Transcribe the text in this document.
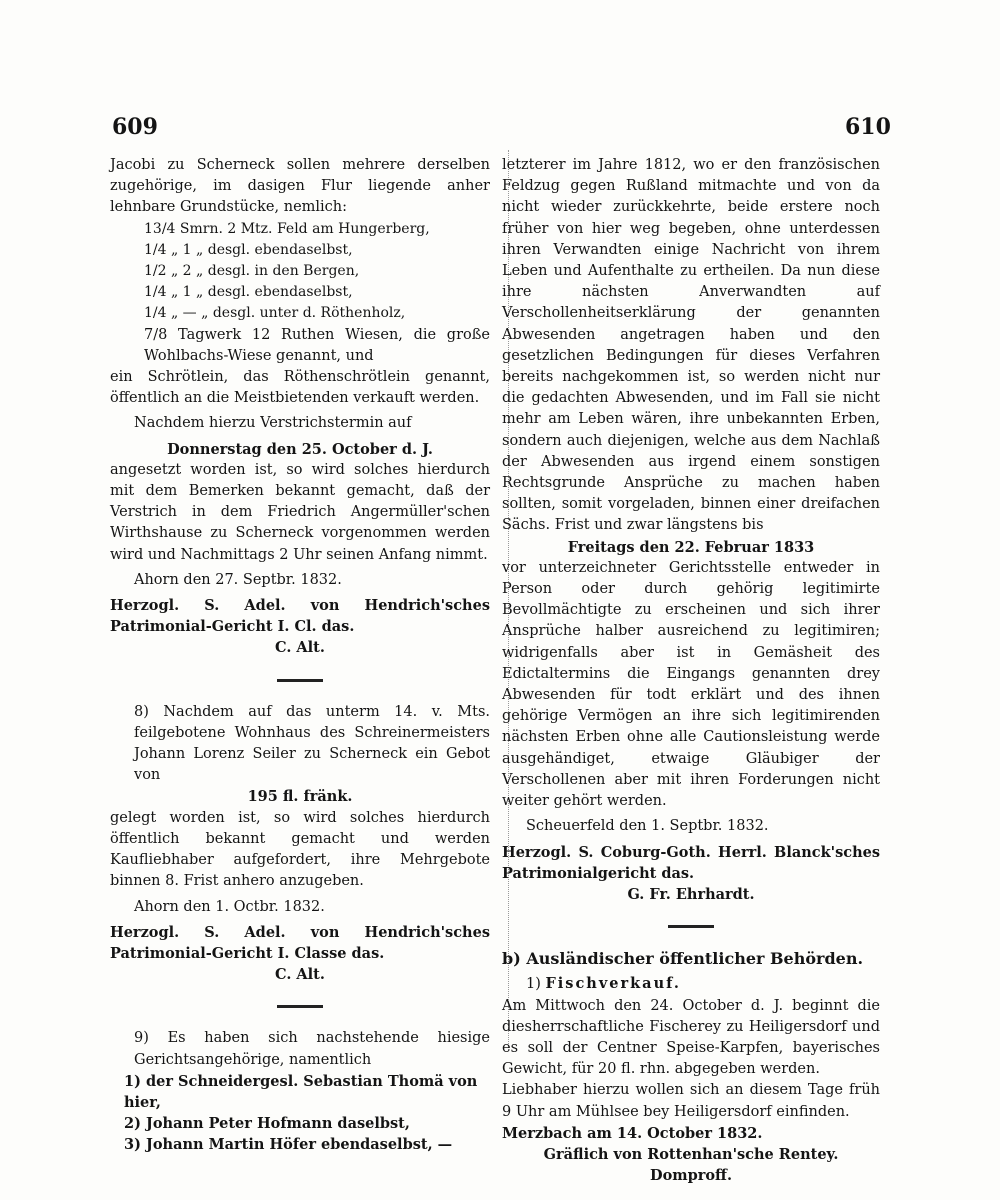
609	610

Jacobi zu Scherneck sollen mehrere derselben zugehörige, im dasigen Flur liegende anher lehnbare Grundstücke, nemlich:

13/4 Smrn. 2 Mtz. Feld am Hungerberg,
1/4 „ 1 „ desgl. ebendaselbst,
1/2 „ 2 „ desgl. in den Bergen,
1/4 „ 1 „ desgl. ebendaselbst,
1/4 „ — „ desgl. unter d. Röthenholz,

7/8 Tagwerk 12 Ruthen Wiesen, die große Wohlbachs-Wiese genannt, und

ein Schrötlein, das Röthenschrötlein genannt, öffentlich an die Meistbietenden verkauft werden.

Nachdem hierzu Verstrichstermin auf

Donnerstag den 25. October d. J.

angesetzt worden ist, so wird solches hierdurch mit dem Bemerken bekannt gemacht, daß der Verstrich in dem Friedrich Angermüller'schen Wirthshause zu Scherneck vorgenommen werden wird und Nachmittags 2 Uhr seinen Anfang nimmt.

Ahorn den 27. Septbr. 1832.

Herzogl. S. Adel. von Hendrich'sches Patrimonial-Gericht I. Cl. das.

C. Alt.

8) Nachdem auf das unterm 14. v. Mts. feilgebotene Wohnhaus des Schreinermeisters Johann Lorenz Seiler zu Scherneck ein Gebot von

195 fl. fränk.

gelegt worden ist, so wird solches hierdurch öffentlich bekannt gemacht und werden Kaufliebhaber aufgefordert, ihre Mehrgebote binnen 8. Frist anhero anzugeben.

Ahorn den 1. Octbr. 1832.

Herzogl. S. Adel. von Hendrich'sches Patrimonial-Gericht I. Classe das.

C. Alt.

9) Es haben sich nachstehende hiesige Gerichtsangehörige, namentlich

1) der Schneidergesl. Sebastian Thomä von hier,
2) Johann Peter Hofmann daselbst,
3) Johann Martin Höfer ebendaselbst, —

letzterer im Jahre 1812, wo er den französischen Feldzug gegen Rußland mitmachte und von da nicht wieder zurückkehrte, beide erstere noch früher von hier weg begeben, ohne unterdessen ihren Verwandten einige Nachricht von ihrem Leben und Aufenthalte zu ertheilen. Da nun diese ihre nächsten Anverwandten auf Verschollenheitserklärung der genannten Abwesenden angetragen haben und den gesetzlichen Bedingungen für dieses Verfahren bereits nachgekommen ist, so werden nicht nur die gedachten Abwesenden, und im Fall sie nicht mehr am Leben wären, ihre unbekannten Erben, sondern auch diejenigen, welche aus dem Nachlaß der Abwesenden aus irgend einem sonstigen Rechtsgrunde Ansprüche zu machen haben sollten, somit vorgeladen, binnen einer dreifachen Sächs. Frist und zwar längstens bis

Freitags den 22. Februar 1833

vor unterzeichneter Gerichtsstelle entweder in Person oder durch gehörig legitimirte Bevollmächtigte zu erscheinen und sich ihrer Ansprüche halber ausreichend zu legitimiren; widrigenfalls aber ist in Gemäsheit des Edictaltermins die Eingangs genannten drey Abwesenden für todt erklärt und des ihnen gehörige Vermögen an ihre sich legitimirenden nächsten Erben ohne alle Cautionsleistung werde ausgehändiget, etwaige Gläubiger der Verschollenen aber mit ihren Forderungen nicht weiter gehört werden.

Scheuerfeld den 1. Septbr. 1832.

Herzogl. S. Coburg-Goth. Herrl. Blanck'sches Patrimonialgericht das.

G. Fr. Ehrhardt.

b) Ausländischer öffentlicher Behörden.

1) Fischverkauf.

Am Mittwoch den 24. October d. J. beginnt die diesherrschaftliche Fischerey zu Heiligersdorf und es soll der Centner Speise-Karpfen, bayerisches Gewicht, für 20 fl. rhn. abgegeben werden.

Liebhaber hierzu wollen sich an diesem Tage früh 9 Uhr am Mühlsee bey Heiligersdorf einfinden.

Merzbach am 14. October 1832.

Gräflich von Rottenhan'sche Rentey.

Domproff.
